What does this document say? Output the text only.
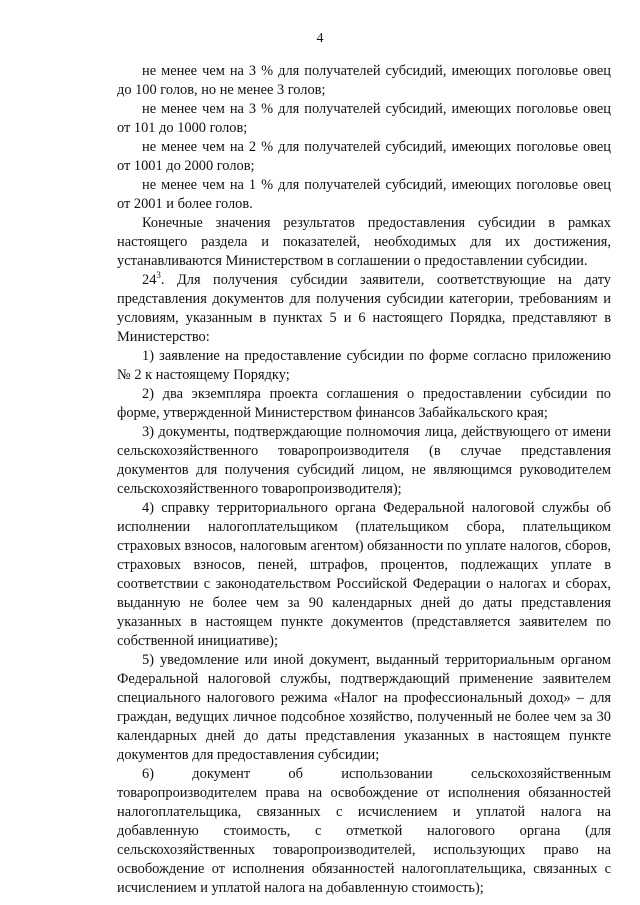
4

не менее чем на 3 % для получателей субсидий, имеющих поголовье овец до 100 голов, но не менее 3 голов;

не менее чем на 3 % для получателей субсидий, имеющих поголовье овец от 101 до 1000 голов;

не менее чем на 2 % для получателей субсидий, имеющих поголовье овец от 1001 до 2000 голов;

не менее чем на 1 % для получателей субсидий, имеющих поголовье овец от 2001 и более голов.

Конечные значения результатов предоставления субсидии в рамках настоящего раздела и показателей, необходимых для их достижения, устанавливаются Министерством в соглашении о предоставлении субсидии.

$24^3$. Для получения субсидии заявители, соответствующие на дату представления документов для получения субсидии категории, требованиям и условиям, указанным в пунктах 5 и 6 настоящего Порядка, представляют в Министерство:

1) заявление на предоставление субсидии по форме согласно приложению № 2 к настоящему Порядку;

2) два экземпляра проекта соглашения о предоставлении субсидии по форме, утвержденной Министерством финансов Забайкальского края;

3) документы, подтверждающие полномочия лица, действующего от имени сельскохозяйственного товаропроизводителя (в случае представления документов для получения субсидий лицом, не являющимся руководителем сельскохозяйственного товаропроизводителя);

4) справку территориального органа Федеральной налоговой службы об исполнении налогоплательщиком (плательщиком сбора, плательщиком страховых взносов, налоговым агентом) обязанности по уплате налогов, сборов, страховых взносов, пеней, штрафов, процентов, подлежащих уплате в соответствии с законодательством Российской Федерации о налогах и сборах, выданную не более чем за 90 календарных дней до даты представления указанных в настоящем пункте документов (представляется заявителем по собственной инициативе);

5) уведомление или иной документ, выданный территориальным органом Федеральной налоговой службы, подтверждающий применение заявителем специального налогового режима «Налог на профессиональный доход» – для граждан, ведущих личное подсобное хозяйство, полученный не более чем за 30 календарных дней до даты представления указанных в настоящем пункте документов для предоставления субсидии;

6) документ об использовании сельскохозяйственным товаропроизводителем права на освобождение от исполнения обязанностей налогоплательщика, связанных с исчислением и уплатой налога на добавленную стоимость, с отметкой налогового органа (для сельскохозяйственных товаропроизводителей, использующих право на освобождение от исполнения обязанностей налогоплательщика, связанных с исчислением и уплатой налога на добавленную стоимость);
